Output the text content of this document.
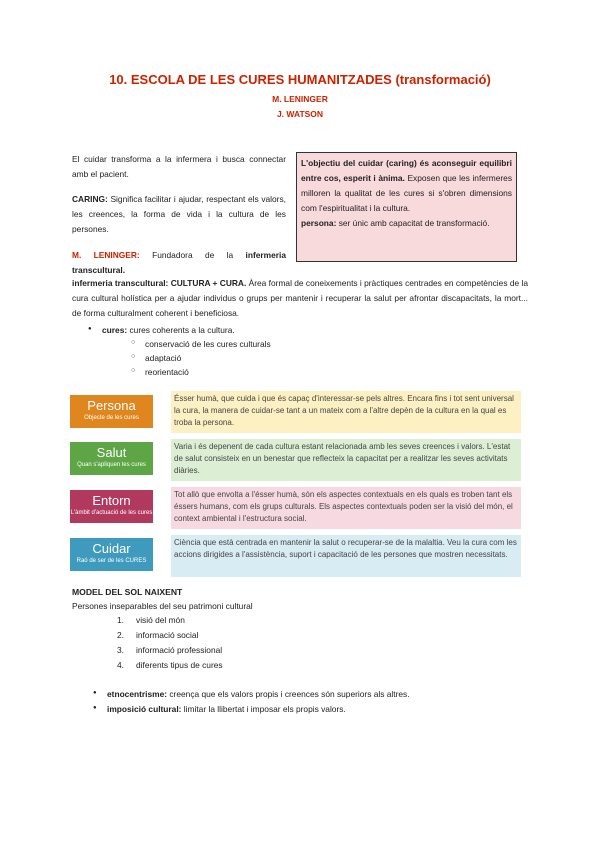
10. ESCOLA DE LES CURES HUMANITZADES (transformació)
M. LENINGER
J. WATSON
El cuidar transforma a la infermera i busca connectar amb el pacient.
CARING: Significa facilitar i ajudar, respectant els valors, les creences, la forma de vida i la cultura de les persones.
L'objectiu del cuidar (caring) és aconseguir equilibri entre cos, esperit i ànima. Exposen que les infermeres milloren la qualitat de les cures si s'obren dimensions com l'espiritualitat i la cultura.
persona: ser únic amb capacitat de transformació.
M. LENINGER: Fundadora de la infermeria transcultural.
infermeria transcultural: CULTURA + CURA. Àrea formal de coneixements i pràctiques centrades en competències de la cura cultural holística per a ajudar individus o grups per mantenir i recuperar la salut per afrontar discapacitats, la mort... de forma culturalment coherent i beneficiosa.
● cures: cures coherents a la cultura.
○ conservació de les cures culturals
○ adaptació
○ reorientació
Ésser humà, que cuida i que és capaç d'interessar-se pels altres. Encara fins i tot sent universal la cura, la manera de cuidar-se tant a un mateix com a l'altre depèn de la cultura en la qual es troba la persona.
Persona
Objecte de les cures
Varia i és depenent de cada cultura estant relacionada amb les seves creences i valors. L'estat de salut consisteix en un benestar que reflecteix la capacitat per a realitzar les seves activitats diàries.
Salut
Quan s'apliquen les cures
Tot allò que envolta a l'ésser humà, són els aspectes contextuals en els quals es troben tant els éssers humans, com els grups culturals. Els aspectes contextuals poden ser la visió del món, el context ambiental i l'estructura social.
Entorn
L'àmbit d'actuació de les cures
Ciència que està centrada en mantenir la salut o recuperar-se de la malaltia. Veu la cura com les accions dirigides a l'assistència, suport i capacitació de les persones que mostren necessitats.
Cuidar
Raó de ser de les CURES
MODEL DEL SOL NAIXENT
Persones inseparables del seu patrimoni cultural
1. visió del món
2. informació social
3. informació professional
4. diferents tipus de cures
● etnocentrisme: creença que els valors propis i creences són superiors als altres.
● imposició cultural: limitar la llibertat i imposar els propis valors.
